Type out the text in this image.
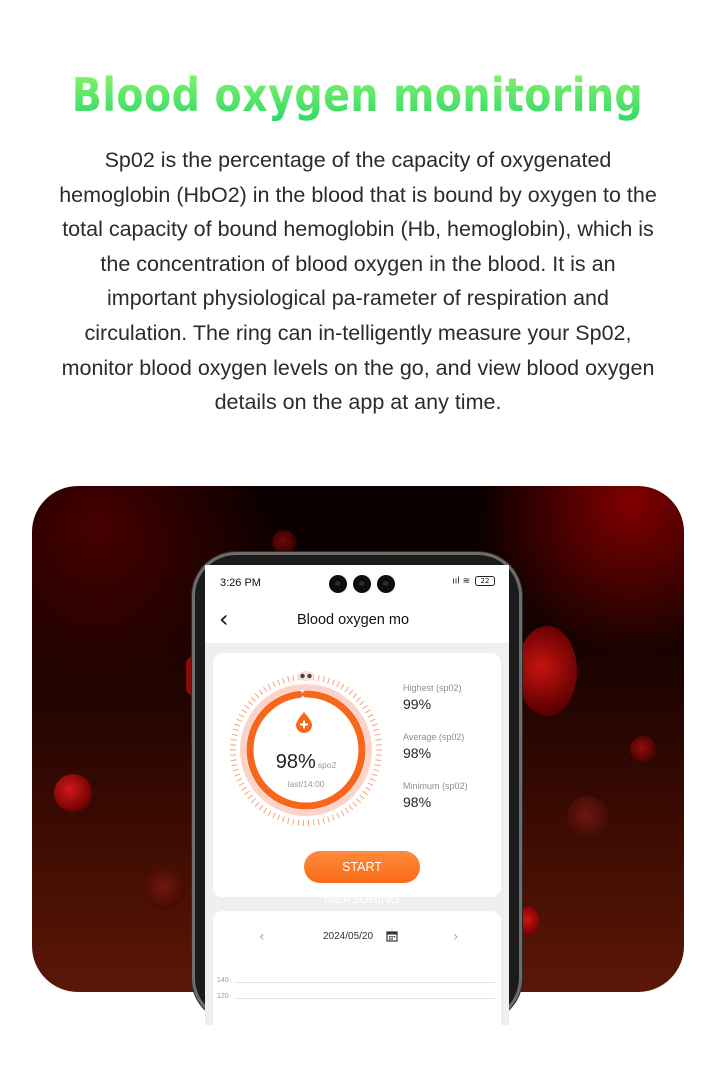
Blood oxygen monitoring
Sp02 is the percentage of the capacity of oxygenated hemoglobin (HbO2) in the blood that is bound by oxygen to the total capacity of bound hemoglobin (Hb, hemoglobin), which is the concentration of blood oxygen in the blood. It is an important physiological pa-rameter of respiration and circulation. The ring can in-telligently measure your Sp02, monitor blood oxygen levels on the go, and view blood oxygen details on the app at any time.
3:26 PM	ııl ≋ 22
‹	Blood oxygen mo
98% spo2
last/14:00
Highest (sp02)
99%
Average (sp02)
98%
Minimum (sp02)
98%
START MEASURING
‹	2024/05/20	›
140
120
